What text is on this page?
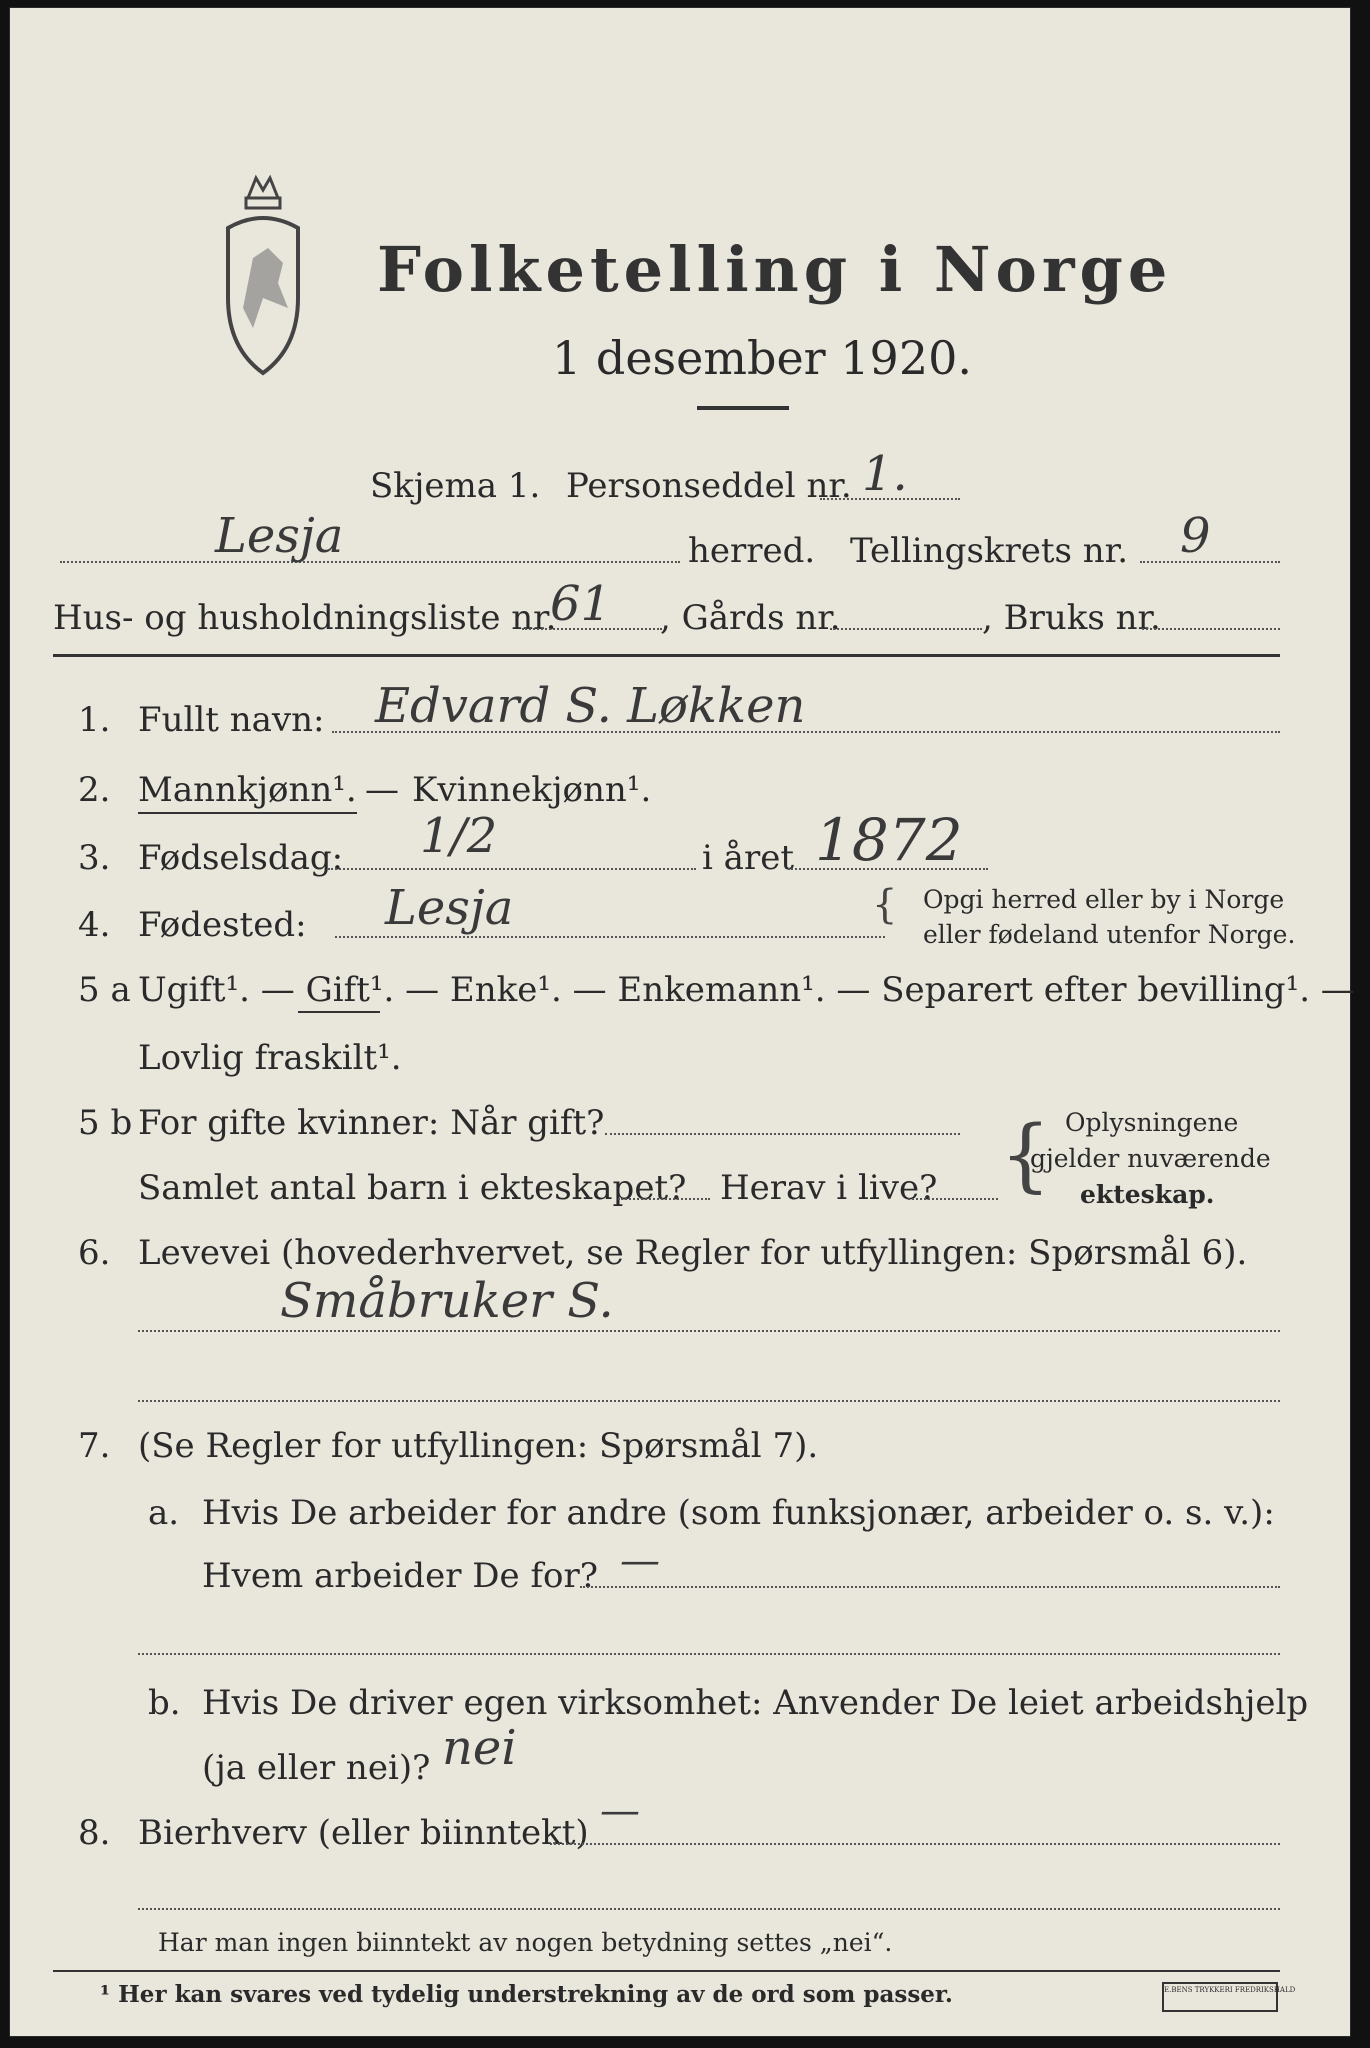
Folketelling i Norge
1 desember 1920.
Skjema 1. Personseddel nr. 1.
Lesja	herred. Tellingskrets nr. 9
Hus- og husholdningsliste nr.
61 , Gårds nr.	, Bruks nr.
1. Fullt navn: Edvard S. Løkken
2. Mannkjønn¹. — Kvinnekjønn¹.
3. Fødselsdag: 1/2	i året 1872
4. Fødested: Lesja	{ Opgi herred eller by i Norge
eller fødeland utenfor Norge.
5 a Ugift¹. — Gift¹. — Enke¹. — Enkemann¹. — Separert efter bevilling¹. —
Lovlig fraskilt¹.
5 b For gifte kvinner: Når gift?
Samlet antal barn i ekteskapet? Herav i live? { Oplysningene
gjelder nuværende
ekteskap.
6. Levevei (hovederhvervet, se Regler for utfyllingen: Spørsmål 6).
Småbruker S.
7. (Se Regler for utfyllingen: Spørsmål 7).
a. Hvis De arbeider for andre (som funksjonær, arbeider o. s. v.):
Hvem arbeider De for? —
b. Hvis De driver egen virksomhet: Anvender De leiet arbeidshjelp
(ja eller nei)? nei
8. Bierhverv (eller biinntekt) —
Har man ingen biinntekt av nogen betydning settes „nei“.
¹ Her kan svares ved tydelig understrekning av de ord som passer.	E.BENS TRYKKERI FREDRIKSHALD
